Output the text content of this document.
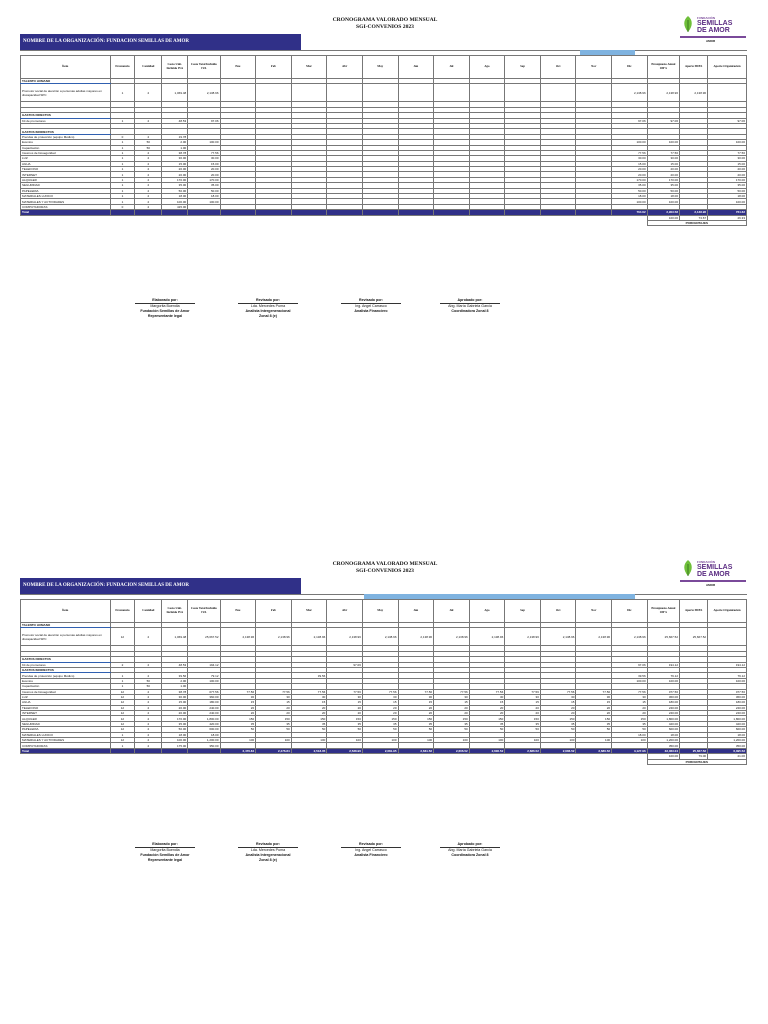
CRONOGRAMA VALORADO MENSUAL
SGI-CONVENIOS 2023
FUNDACIÓN
SEMILLAS
DE AMOR
AMOR
NOMBRE DE LA ORGANIZACIÓN: FUNDACION SEMILLAS DE AMOR
Ítem	Frecuencia	Cantidad	Costo Unit. Incluido IVA	Costo Total Incluido IVA	Ene	Feb	Mar	Abr	May	Jun	Jul	Ago	Sep	Oct	Nov	Dic	Presupuesto Anual 100%	Aporte MIES	Aporte Organización
TALENTO HUMANO																			
Promotor social de atención a personas adultas mayores en discapacidad SPC	1	2	1,069.48	2,138.96												2,138.96	2,138.96	2,138.96	

GASTOS DIRECTOS																			
Kit de promotores	1	2	48.53	97.06												97.06	97.06		97.06

GASTOS INDIRECTOS																			
Prendas de protección (equipo Médico)	0	2	19.78																
Eventos	1	50	2.00	100.00												100.00	100.00		100.00
Capacitación	1	50	1.00																
Insumos de bioseguridad	1	2	38.78	77.56												77.56	77.56		77.56
LUZ	1	2	30.00	30.00												30.00	30.00		30.00
AGUA	1	2	15.00	15.00												15.00	15.00		15.00
TELEFONO	1	2	20.00	20.00												20.00	20.00		20.00
INTERNET	1	2	20.00	20.00												20.00	20.00		20.00
ALQUILER	1	2	170.00	170.00												170.00	170.00		170.00
SEGURIDAD	1	2	35.00	35.00												35.00	35.00		35.00
PAPELERIA	1	2	50.00	50.00												50.00	50.00		50.00
MATERIALES LUDICO	1	2	18.00	18.00												18.00	18.00		18.00
MATERIALES Y ACTIVIDADES	1	2	100.00	100.00												100.00	100.00		100.00
COMPUTADORAS	0	2	415.00																
Total																764.62	2,903.58	2,138.96	764.62
																	100.00	73.67	26.33
																	PORCENTAJES		
Elaborado por:
Margorita Buendia
Fundación Semillas de Amor
Representante legal
Revisado por:
Lda. Mercedes Puma
Analista Intergeneracional
Zonal 8 (e)
Revisado por:
Ing. Angel Carrasco
Analista Financiero
Aprobado por:
Abg. María Gabriela Garcia
Coordinadora Zonal 8
CRONOGRAMA VALORADO MENSUAL
SGI-CONVENIOS 2023
FUNDACIÓN
SEMILLAS
DE AMOR
AMOR
NOMBRE DE LA ORGANIZACIÓN: FUNDACION SEMILLAS DE AMOR
Ítem	Frecuencia	Cantidad	Costo Unit. Incluido IVA	Costo Total Incluido IVA	Ene	Feb	Mar	Abr	May	Jun	Jul	Ago	Sep	Oct	Nov	Dic	Presupuesto Anual 100%	Aporte MIES	Aporte Organización
TALENTO HUMANO																			
Promotor social de atención a personas adultas mayores en discapacidad SPC	12	2	1,069.48	25,667.52	2,138.96	2,138.96	2,138.96	2,138.96	2,138.96	2,138.96	2,138.96	2,138.96	2,138.96	2,138.96	2,138.96	2,138.96	25,667.52	25,667.52	

GASTOS DIRECTOS																			
Kit de promotores	2	2	48.53	194.12				97.06								97.06	194.12		194.12
GASTOS INDIRECTOS																			
Prendas de protección (equipo Médico)	1	2	39.56	79.12			39.56									39.56	79.12		79.12
Eventos	1	50	2.00	100.00												100.00	100.00		100.00
Capacitación	1	50	1.00																
Insumos de bioseguridad	12	2	38.78	077.56	77.56	77.56	77.56	77.56	77.56	77.56	77.56	77.56	77.56	77.56	77.56	77.56	077.56		077.56
LUZ	12	2	30.00	360.00	30	30	30	30	30	30	30	30	30	30	30	30	360.00		360.00
AGUA	12	2	15.00	180.00	15	15	15	15	15	15	15	15	15	15	15	15	180.00		180.00
TELEFONO	12	2	20.00	240.00	20	20	20	20	20	20	20	20	20	20	20	20	240.00		240.00
INTERNET	12	2	20.00	240.00	20	20	20	20	20	20	20	20	20	20	20	20	240.00		240.00
ALQUILER	12	2	170.00	1,800.00	150	150	150	150	150	150	150	150	150	150	150	150	1,800.00		1,800.00
SEGURIDAD	12	2	35.00	420.00	35	35	35	35	35	35	35	35	35	35	35	35	420.00		420.00
PAPELERIA	12	2	50.00	600.00	50	50	50	50	50	50	50	50	50	50	50	50	600.00		600.00
MATERIALES LUDICO	1	2	18.00	18.00												18.00	18.00		18.00
MATERIALES Y ACTIVIDADES	12	2	100.00	1,200.00	100	100	100	100	100	100	100	100	100	100	100	100	1,200.00		1,200.00
COMPUTADORAS	1	2	175.00	350.00													350.00		350.00
Total					2,476.84	2,476.84	2,518.05	2,538.96	2,681.95	2,661.52	2,606.52	2,606.52	2,686.52	2,686.52	2,686.52	3,127.96	32,063.04	25,667.52	6,395.52
																	100.00	79.00	21.00
																	PORCENTAJES		
Elaborado por:
Margorita Buendia
Fundación Semillas de Amor
Representante legal
Revisado por:
Lda. Mercedes Puma
Analista Intergeneracional
Zonal 8 (e)
Revisado por:
Ing. Angel Carrasco
Analista Financiero
Aprobado por:
Abg. María Gabriela Garcia
Coordinadora Zonal 8
